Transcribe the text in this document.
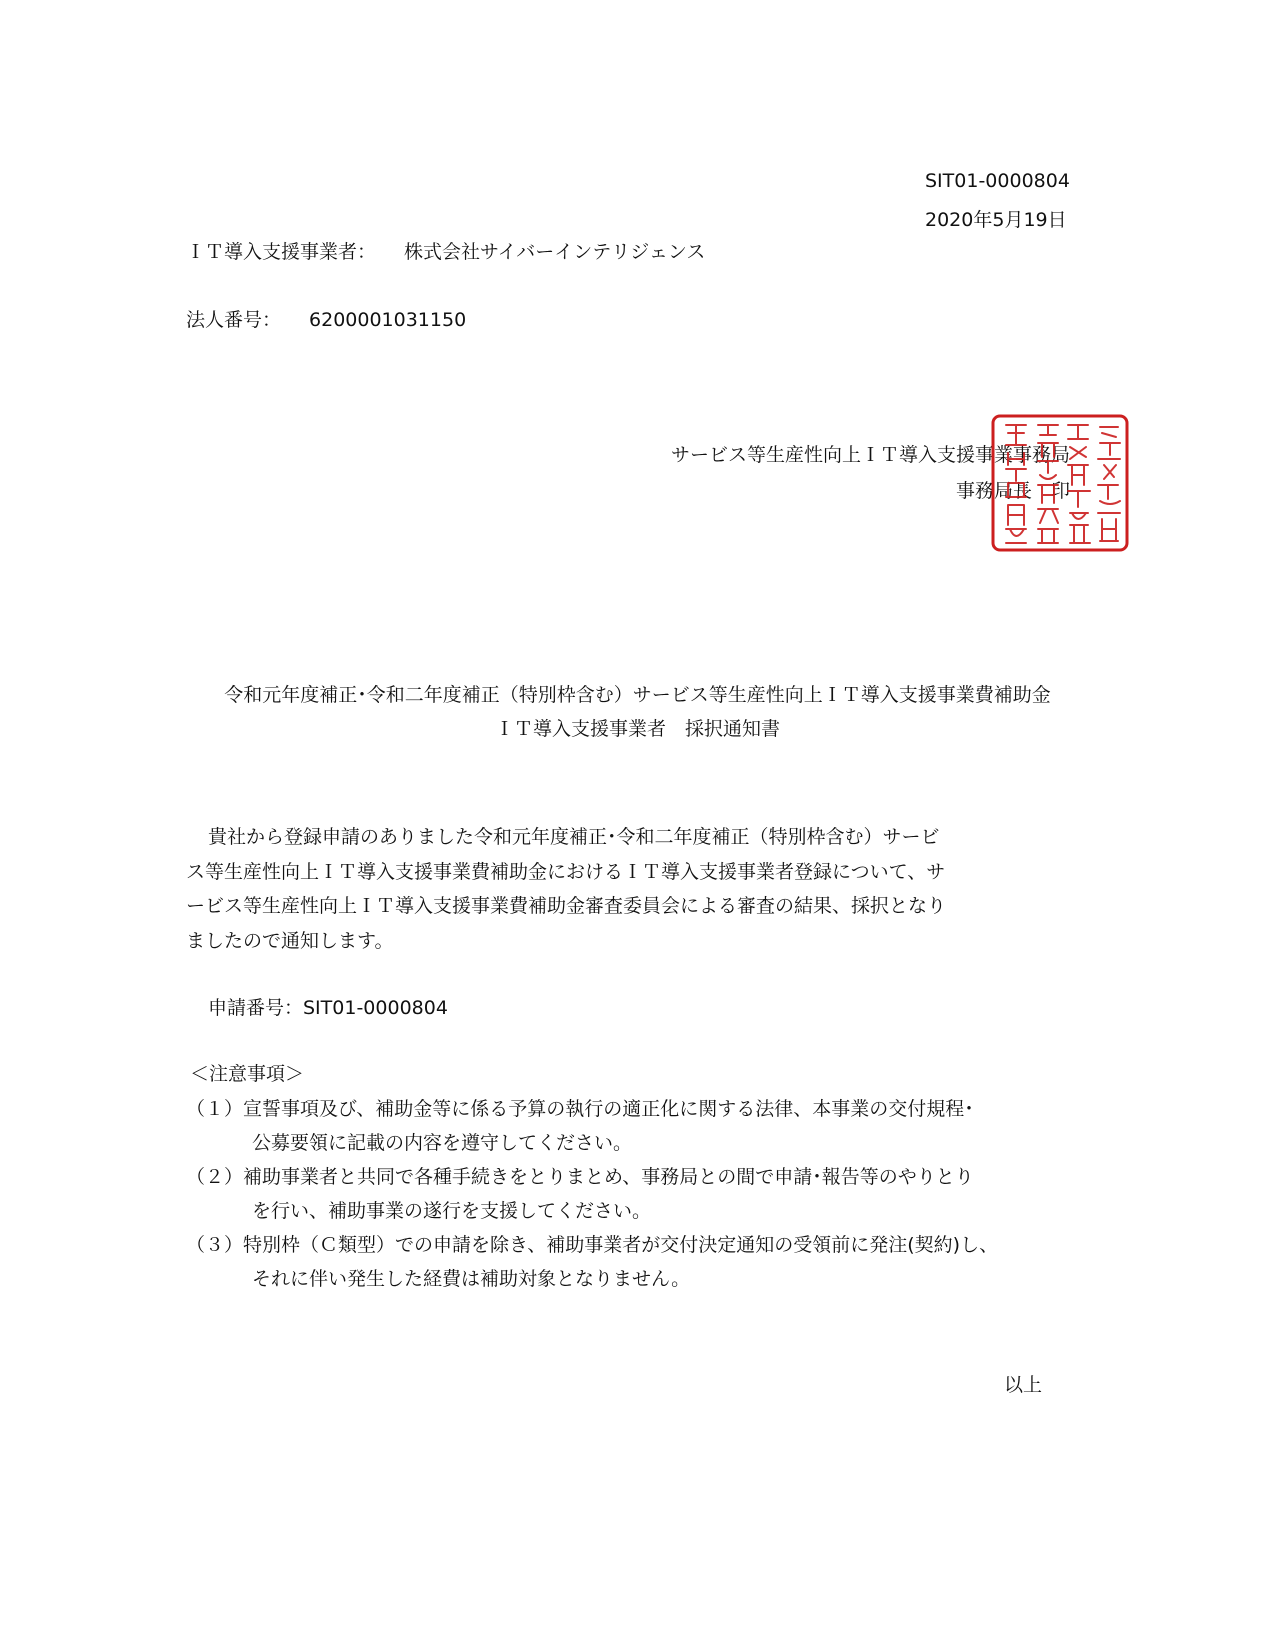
SIT01-0000804
2020年5月19日
ＩＴ導入支援事業者： 株式会社サイバーインテリジェンス
法人番号： 6200001031150
サービス等生産性向上ＩＴ導入支援事業事務局
事務局長　印
令和元年度補正･令和二年度補正（特別枠含む）サービス等生産性向上ＩＴ導入支援事業費補助金
ＩＴ導入支援事業者　採択通知書
貴社から登録申請のありました令和元年度補正･令和二年度補正（特別枠含む）サービ
ス等生産性向上ＩＴ導入支援事業費補助金におけるＩＴ導入支援事業者登録について、サ
ービス等生産性向上ＩＴ導入支援事業費補助金審査委員会による審査の結果、採択となり
ましたので通知します。
申請番号：SIT01-0000804
＜注意事項＞
（１）宣誓事項及び、補助金等に係る予算の執行の適正化に関する法律、本事業の交付規程･
公募要領に記載の内容を遵守してください。
（２）補助事業者と共同で各種手続きをとりまとめ、事務局との間で申請･報告等のやりとり
を行い、補助事業の遂行を支援してください。
（３）特別枠（Ｃ類型）での申請を除き、補助事業者が交付決定通知の受領前に発注(契約)し、
それに伴い発生した経費は補助対象となりません。
以上
